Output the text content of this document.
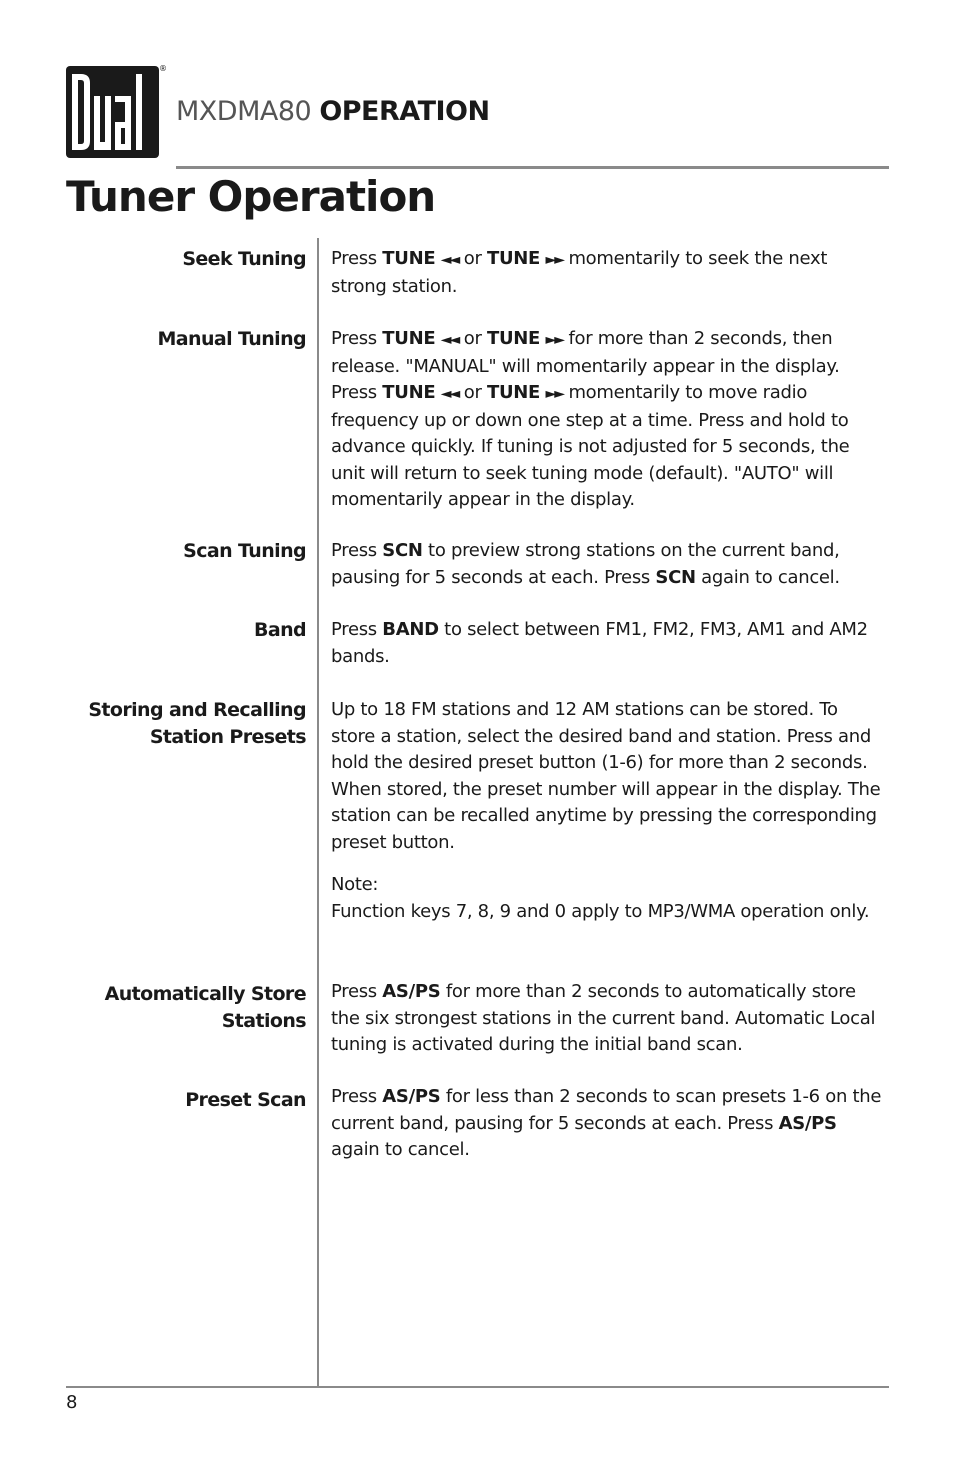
®
MXDMA80 OPERATION
Tuner Operation
Seek Tuning Press TUNE ◄◄ or TUNE ►► momentarily to seek the next strong station.
Manual Tuning Press TUNE ◄◄ or TUNE ►► for more than 2 seconds, then release. "MANUAL" will momentarily appear in the display. Press TUNE ◄◄ or TUNE ►► momentarily to move radio frequency up or down one step at a time. Press and hold to advance quickly. If tuning is not adjusted for 5 seconds, the unit will return to seek tuning mode (default). "AUTO" will momentarily appear in the display.
Scan Tuning Press SCN to preview strong stations on the current band, pausing for 5 seconds at each. Press SCN again to cancel.
Band Press BAND to select between FM1, FM2, FM3, AM1 and AM2 bands.
Storing and Recalling
Station Presets
Up to 18 FM stations and 12 AM stations can be stored. To store a station, select the desired band and station. Press and hold the desired preset button (1-6) for more than 2 seconds. When stored, the preset number will appear in the display. The station can be recalled anytime by pressing the corresponding preset button.
Note:
Function keys 7, 8, 9 and 0 apply to MP3/WMA operation only.
Automatically Store
Stations
Press AS/PS for more than 2 seconds to automatically store the six strongest stations in the current band. Automatic Local tuning is activated during the initial band scan.
Preset Scan Press AS/PS for less than 2 seconds to scan presets 1-6 on the current band, pausing for 5 seconds at each. Press AS/PS again to cancel.
8
